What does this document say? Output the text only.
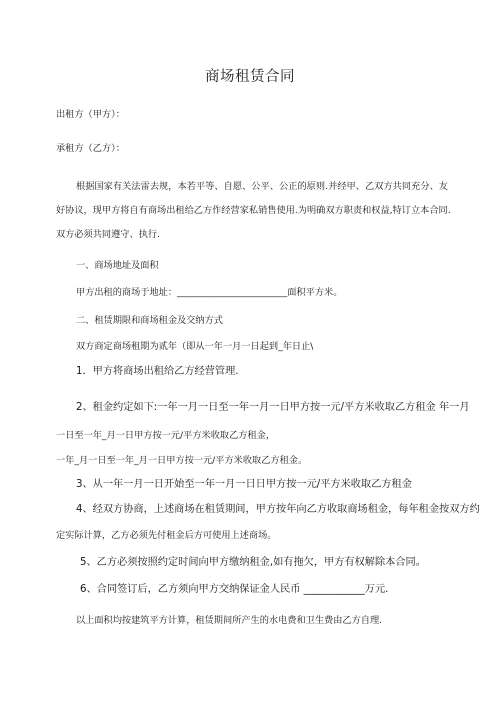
商场租赁合同
出租方（甲方）：
承租方（乙方）：
根据国家有关法雷去规，本若平等、自愿、公平、公正的原则.并经甲、乙双方共同充分、友
好协议，现甲方将自有商场出租给乙方作经营家私销售使用.为明确双方职责和权益,特订立本合同.
双方必须共同遵守、执行.
一、商场地址及面积
甲方出租的商场于地址：________________________面积平方米。
二、租赁期限和商场租金及交纳方式
双方商定商场租期为贰年（即从一年一月一日起到_年日止\
1．甲方将商场出租给乙方经营管理.
2、租金约定如下:一年一月一日至一年一月一日甲方按一元/平方米收取乙方租金 年一月
一日至一年_月一日甲方按一元/平方米收取乙方租金，
一年_月一日至一年_月一日甲方按一元/平方米收取乙方租金。
3、从一年一月一日开始至一年一月一日日甲方按一元/平方米收取乙方租金
4、经双方协商，上述商场在租赁期间，甲方按年向乙方收取商场租金，每年租金按双方约
定实际计算，乙方必须先付租金后方可使用上述商场。
5、乙方必须按照约定时间向甲方缴纳租金,如有拖欠，甲方有权解除本合同。
6、合同签订后，乙方须向甲方交纳保证金人民币 ____________万元.
以上面积均按建筑平方计算，租赁期间所产生的水电费和卫生费由乙方自理.
